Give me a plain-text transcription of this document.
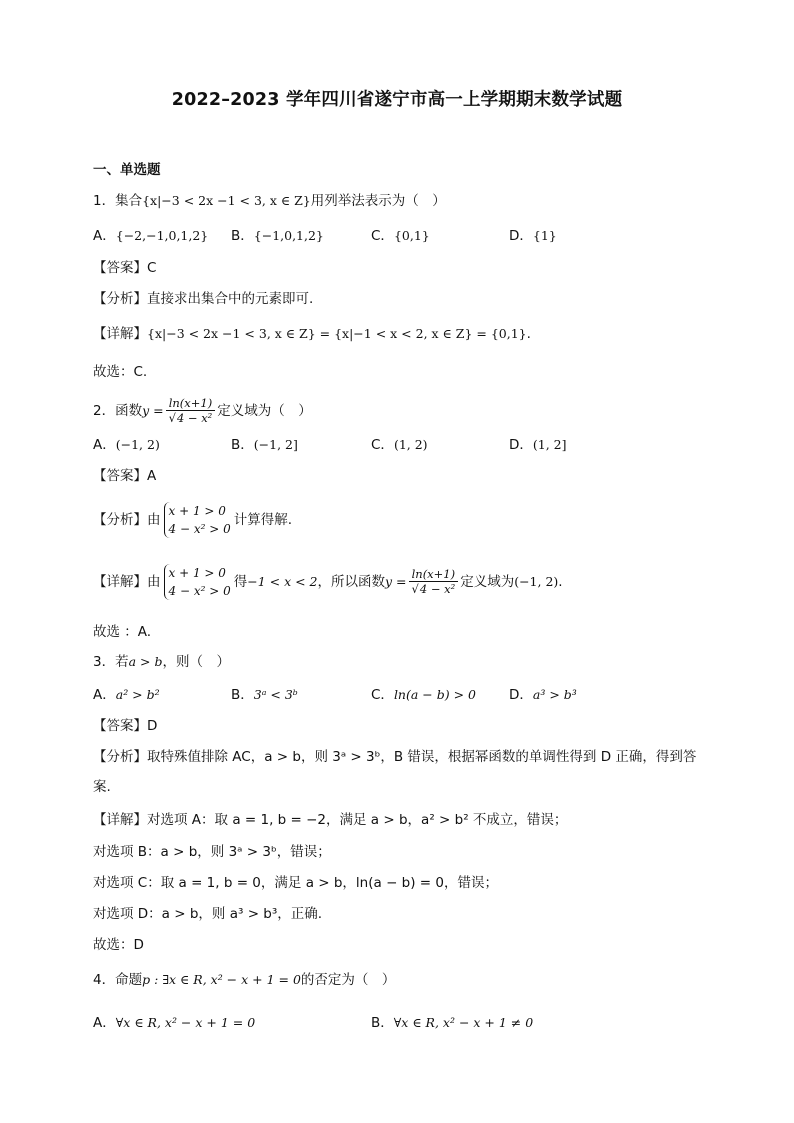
2022–2023 学年四川省遂宁市高一上学期期末数学试题
一、单选题
1．集合{x|−3 < 2x −1 < 3, x ∈ Z}用列举法表示为（　）
A．{−2,−1,0,1,2} B．{−1,0,1,2}	C．{0,1}	D．{1}
【答案】C
【分析】直接求出集合中的元素即可.
【详解】{x|−3 < 2x −1 < 3, x ∈ Z} = {x|−1 < x < 2, x ∈ Z} = {0,1}.
故选：C.
2．函数$y = \frac{\ln(x+1)}{\text{√4 − x²}}$ 定义域为（　）
A．(−1, 2)	B．(−1, 2]	C．(1, 2)	D．(1, 2]
【答案】A
【分析】由
x + 1 > 0
4 − x² > 0
计算得解.
【详解】由
x + 1 > 0
4 − x² > 0
得−1 < x < 2，所以函数$y = \frac{\ln(x+1)}{\text{√4 − x²}}$ 定义域为(−1, 2).
故选 ：A.
3．若a > b，则（　）
A．a² > b²	B．3ᵃ < 3ᵇ	C．ln(a − b) > 0 D．a³ > b³
【答案】D
【分析】取特殊值排除 AC，a > b，则 3ᵃ > 3ᵇ，B 错误，根据幂函数的单调性得到 D 正确，得到答
案.
【详解】对选项 A：取 a = 1, b = −2，满足 a > b，a² > b² 不成立，错误；
对选项 B：a > b，则 3ᵃ > 3ᵇ，错误；
对选项 C：取 a = 1, b = 0，满足 a > b，ln(a − b) = 0，错误；
对选项 D：a > b，则 a³ > b³，正确.
故选：D
4．命题p : ∃x ∈ R, x² − x + 1 = 0的否定为（　）
A．∀x ∈ R, x² − x + 1 = 0	B．∀x ∈ R, x² − x + 1 ≠ 0
